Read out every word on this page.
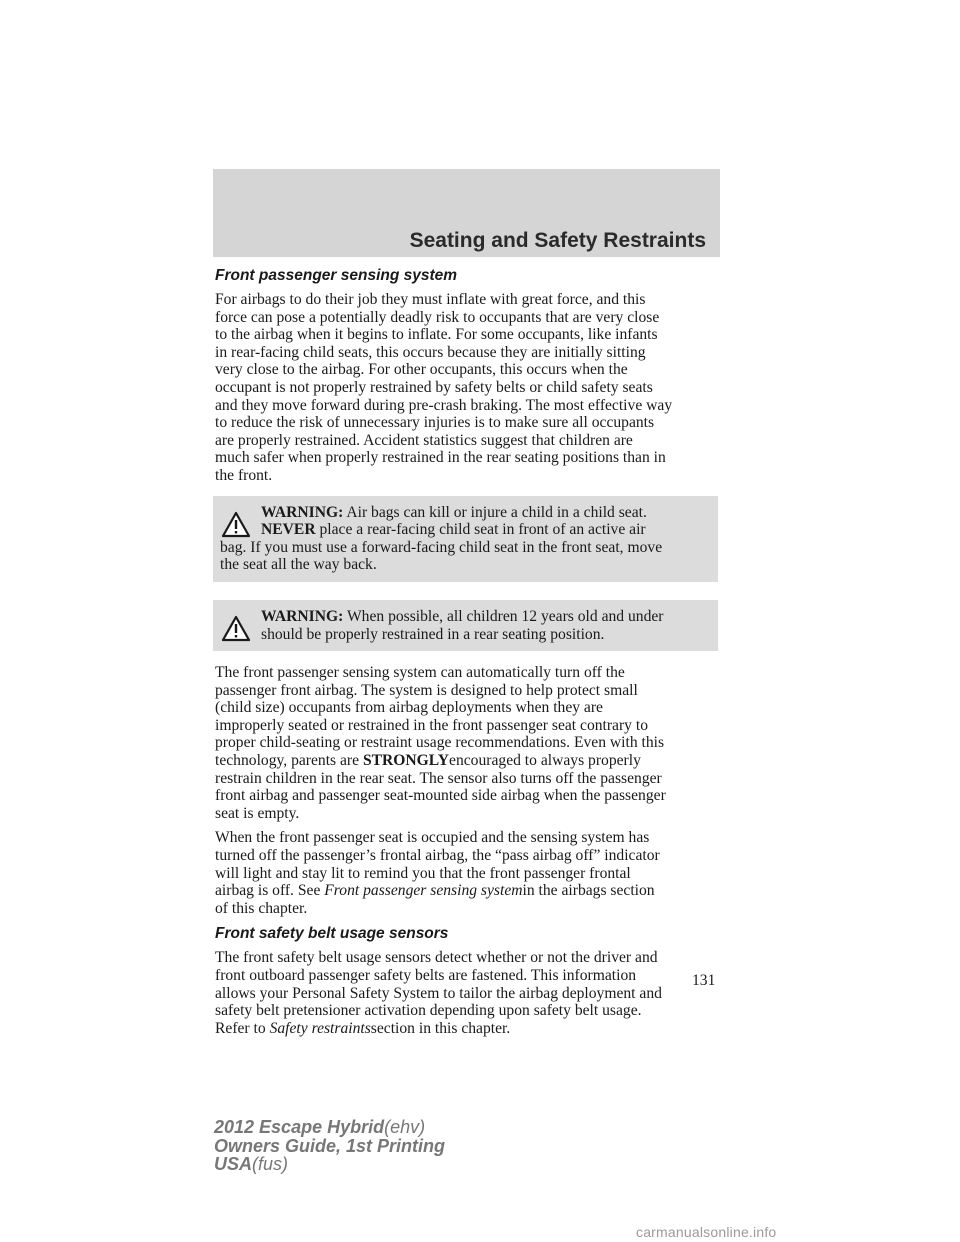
Seating and Safety Restraints
Front passenger sensing system
For airbags to do their job they must inflate with great force, and this
force can pose a potentially deadly risk to occupants that are very close
to the airbag when it begins to inflate. For some occupants, like infants
in rear-facing child seats, this occurs because they are initially sitting
very close to the airbag. For other occupants, this occurs when the
occupant is not properly restrained by safety belts or child safety seats
and they move forward during pre-crash braking. The most effective way
to reduce the risk of unnecessary injuries is to make sure all occupants
are properly restrained. Accident statistics suggest that children are
much safer when properly restrained in the rear seating positions than in
the front.
WARNING: Air bags can kill or injure a child in a child seat.
NEVER place a rear-facing child seat in front of an active air
bag. If you must use a forward-facing child seat in the front seat, move
the seat all the way back.
WARNING: When possible, all children 12 years old and under
should be properly restrained in a rear seating position.
The front passenger sensing system can automatically turn off the
passenger front airbag. The system is designed to help protect small
(child size) occupants from airbag deployments when they are
improperly seated or restrained in the front passenger seat contrary to
proper child-seating or restraint usage recommendations. Even with this
technology, parents are STRONGLYencouraged to always properly
restrain children in the rear seat. The sensor also turns off the passenger
front airbag and passenger seat-mounted side airbag when the passenger
seat is empty.
When the front passenger seat is occupied and the sensing system has
turned off the passenger’s frontal airbag, the “pass airbag off” indicator
will light and stay lit to remind you that the front passenger frontal
airbag is off. See Front passenger sensing systemin the airbags section
of this chapter.
Front safety belt usage sensors
The front safety belt usage sensors detect whether or not the driver and
front outboard passenger safety belts are fastened. This information
allows your Personal Safety System to tailor the airbag deployment and
safety belt pretensioner activation depending upon safety belt usage.
Refer to Safety restraintssection in this chapter.
131
2012 Escape Hybrid(ehv)
Owners Guide, 1st Printing
USA(fus)
carmanualsonline.info
